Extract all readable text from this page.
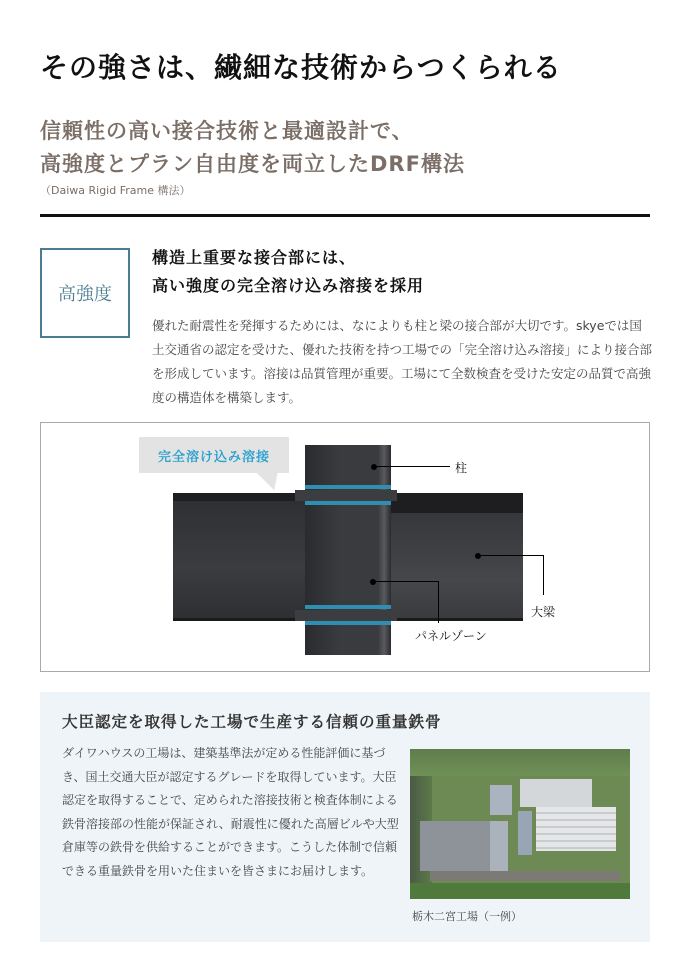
その強さは、繊細な技術からつくられる
信頼性の高い接合技術と最適設計で、
高強度とプラン自由度を両立したDRF構法
（Daiwa Rigid Frame 構法）
高強度
構造上重要な接合部には、
高い強度の完全溶け込み溶接を採用

優れた耐震性を発揮するためには、なによりも柱と梁の接合部が大切です。skyeでは国土交通省の認定を受けた、優れた技術を持つ工場での「完全溶け込み溶接」により接合部を形成しています。溶接は品質管理が重要。工場にて全数検査を受けた安定の品質で高強度の構造体を構築します。

完全溶け込み溶接
柱
大梁
パネルゾーン
大臣認定を取得した工場で生産する信頼の重量鉄骨

ダイワハウスの工場は、建築基準法が定める性能評価に基づき、国土交通大臣が認定するグレードを取得しています。大臣認定を取得することで、定められた溶接技術と検査体制による鉄骨溶接部の性能が保証され、耐震性に優れた高層ビルや大型倉庫等の鉄骨を供給することができます。こうした体制で信頼できる重量鉄骨を用いた住まいを皆さまにお届けします。

栃木二宮工場（一例）
